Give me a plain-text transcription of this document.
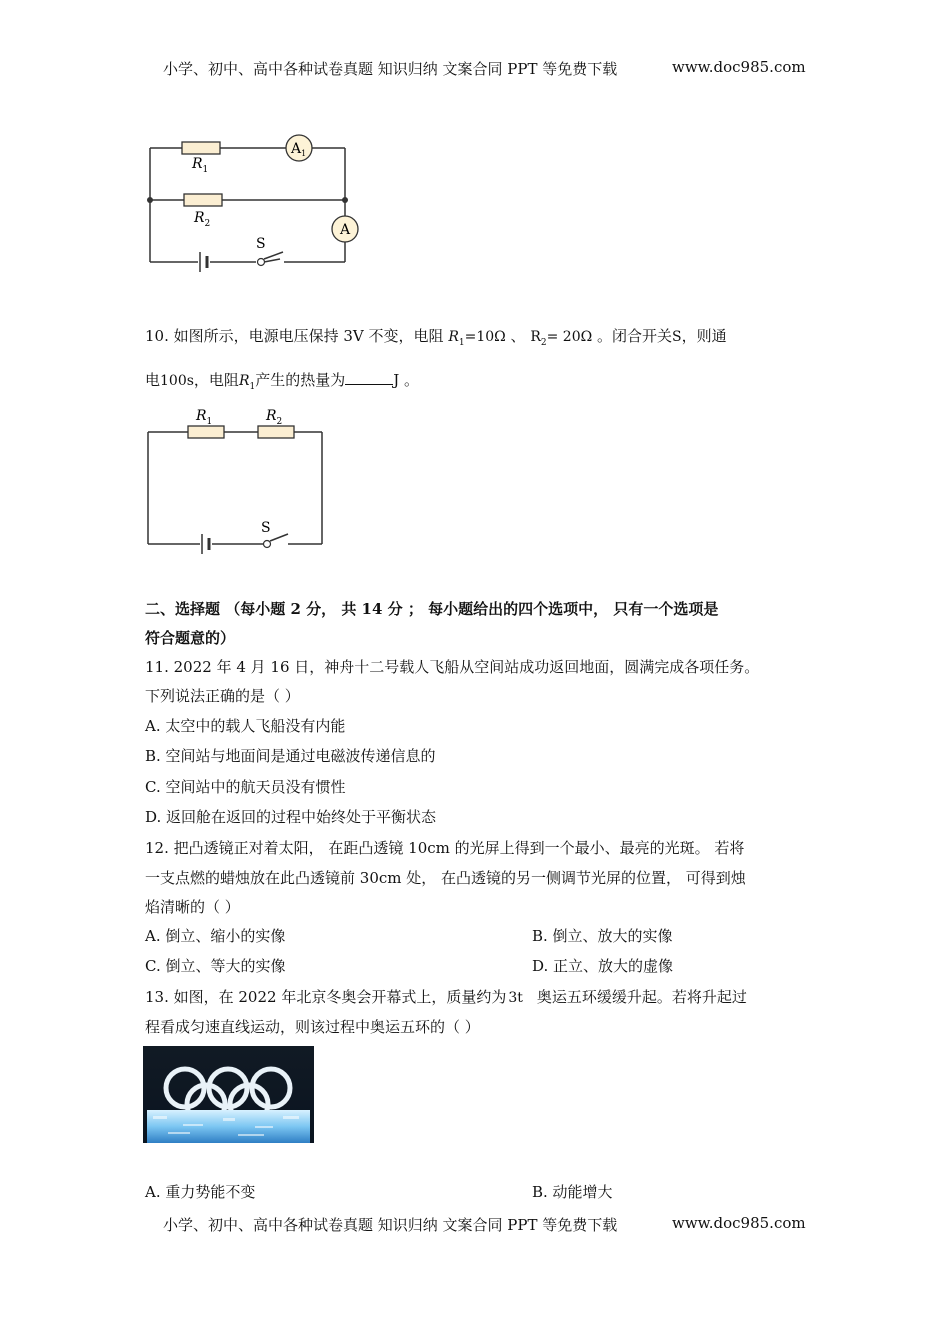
小学、初中、高中各种试卷真题 知识归纳 文案合同 PPT 等免费下载	www.doc985.com
$R_1$
$R_2$
$A_1$
A
S
10. 如图所示，电源电压保持 3V 不变，电阻 $R_1=10\Omega$ 、 $R_2= 20\Omega$ 。闭合开关S，则通
电100s，电阻$R_1$产生的热量为	J 。
$R_1$	$R_2$
S
二、选择题 （每小题 2 分， 共 14 分 ； 每小题给出的四个选项中， 只有一个选项是
符合题意的）
11. 2022 年 4 月 16 日，神舟十二号载人飞船从空间站成功返回地面，圆满完成各项任务。
下列说法正确的是（ ）
A. 太空中的载人飞船没有内能
B. 空间站与地面间是通过电磁波传递信息的
C. 空间站中的航天员没有惯性
D. 返回舱在返回的过程中始终处于平衡状态
12. 把凸透镜正对着太阳， 在距凸透镜 10cm 的光屏上得到一个最小、最亮的光斑。 若将
一支点燃的蜡烛放在此凸透镜前 30cm 处， 在凸透镜的另一侧调节光屏的位置， 可得到烛
焰清晰的（ ）
A. 倒立、缩小的实像	B. 倒立、放大的实像
C. 倒立、等大的实像	D. 正立、放大的虚像
13. 如图，在 2022 年北京冬奥会开幕式上，质量约为 3t 奥运五环缓缓升起。若将升起过
程看成匀速直线运动，则该过程中奥运五环的（ ）
A. 重力势能不变	B. 动能增大
小学、初中、高中各种试卷真题 知识归纳 文案合同 PPT 等免费下载	www.doc985.com
